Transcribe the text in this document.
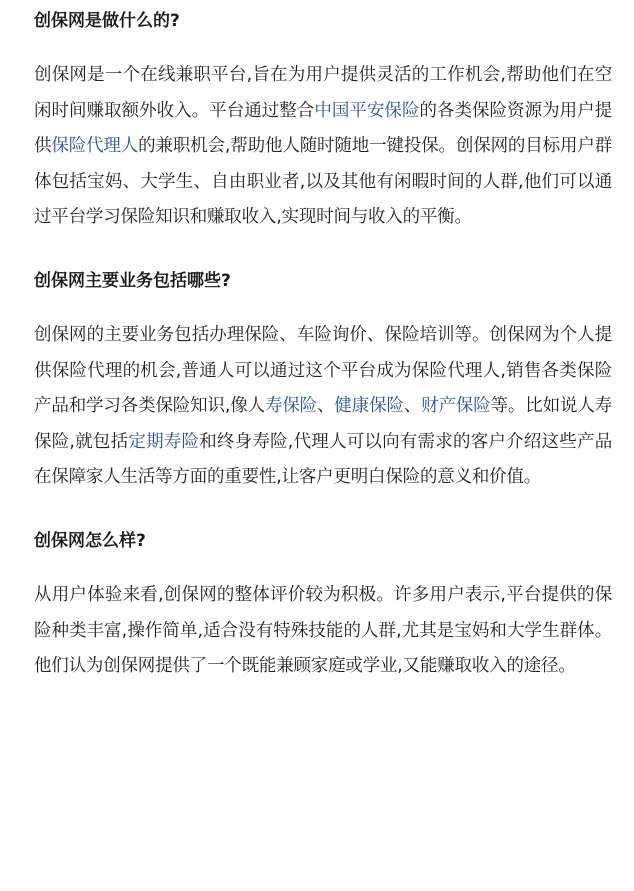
创保网是做什么的?

创保网是一个在线兼职平台,旨在为用户提供灵活的工作机会,帮助他们在空闲时间赚取额外收入。平台通过整合中国平安保险的各类保险资源为用户提供保险代理人的兼职机会,帮助他人随时随地一键投保。创保网的目标用户群体包括宝妈、大学生、自由职业者,以及其他有闲暇时间的人群,他们可以通过平台学习保险知识和赚取收入,实现时间与收入的平衡。

创保网主要业务包括哪些?

创保网的主要业务包括办理保险、车险询价、保险培训等。创保网为个人提供保险代理的机会,普通人可以通过这个平台成为保险代理人,销售各类保险产品和学习各类保险知识,像人寿保险、健康保险、财产保险等。比如说人寿保险,就包括定期寿险和终身寿险,代理人可以向有需求的客户介绍这些产品在保障家人生活等方面的重要性,让客户更明白保险的意义和价值。

创保网怎么样?

从用户体验来看,创保网的整体评价较为积极。许多用户表示,平台提供的保险种类丰富,操作简单,适合没有特殊技能的人群,尤其是宝妈和大学生群体。他们认为创保网提供了一个既能兼顾家庭或学业,又能赚取收入的途径。
